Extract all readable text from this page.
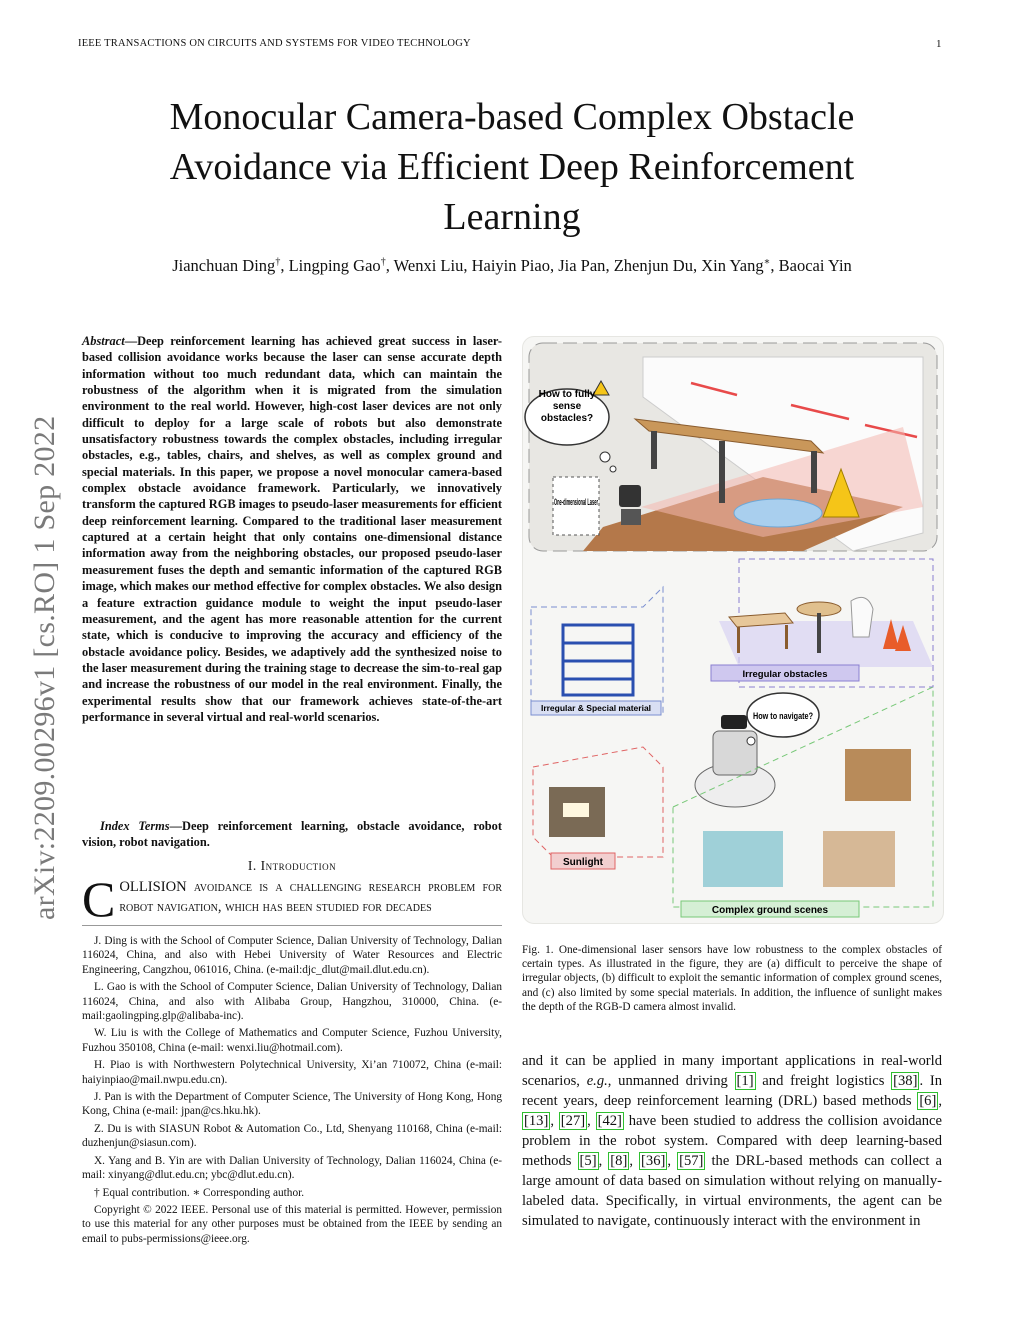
IEEE TRANSACTIONS ON CIRCUITS AND SYSTEMS FOR VIDEO TECHNOLOGY	1
Monocular Camera-based Complex Obstacle
Avoidance via Efficient Deep Reinforcement
Learning
Jianchuan Ding†, Lingping Gao†, Wenxi Liu, Haiyin Piao, Jia Pan, Zhenjun Du, Xin Yang∗, Baocai Yin
arXiv:2209.00296v1 [cs.RO] 1 Sep 2022
Abstract—Deep reinforcement learning has achieved great success in laser-based collision avoidance works because the laser can sense accurate depth information without too much redundant data, which can maintain the robustness of the algorithm when it is migrated from the simulation environment to the real world. However, high-cost laser devices are not only difficult to deploy for a large scale of robots but also demonstrate unsatisfactory robustness towards the complex obstacles, including irregular obstacles, e.g., tables, chairs, and shelves, as well as complex ground and special materials. In this paper, we propose a novel monocular camera-based complex obstacle avoidance framework. Particularly, we innovatively transform the captured RGB images to pseudo-laser measurements for efficient deep reinforcement learning. Compared to the traditional laser measurement captured at a certain height that only contains one-dimensional distance information away from the neighboring obstacles, our proposed pseudo-laser measurement fuses the depth and semantic information of the captured RGB image, which makes our method effective for complex obstacles. We also design a feature extraction guidance module to weight the input pseudo-laser measurement, and the agent has more reasonable attention for the current state, which is conducive to improving the accuracy and efficiency of the obstacle avoidance policy. Besides, we adaptively add the synthesized noise to the laser measurement during the training stage to decrease the sim-to-real gap and increase the robustness of our model in the real environment. Finally, the experimental results show that our framework achieves state-of-the-art performance in several virtual and real-world scenarios.
Index Terms—Deep reinforcement learning, obstacle avoidance, robot vision, robot navigation.
I. Introduction
COLLISION avoidance is a challenging research problem for robot navigation, which has been studied for decades

J. Ding is with the School of Computer Science, Dalian University of Technology, Dalian 116024, China, and also with Hebei University of Water Resources and Electric Engineering, Cangzhou, 061016, China. (e-mail:djc_dlut@mail.dlut.edu.cn).

L. Gao is with the School of Computer Science, Dalian University of Technology, Dalian 116024, China, and also with Alibaba Group, Hangzhou, 310000, China. (e-mail:gaolingping.glp@alibaba-inc).

W. Liu is with the College of Mathematics and Computer Science, Fuzhou University, Fuzhou 350108, China (e-mail: wenxi.liu@hotmail.com).

H. Piao is with Northwestern Polytechnical University, Xi’an 710072, China (e-mail: haiyinpiao@mail.nwpu.edu.cn).

J. Pan is with the Department of Computer Science, The University of Hong Kong, Hong Kong, China (e-mail: jpan@cs.hku.hk).

Z. Du is with SIASUN Robot & Automation Co., Ltd, Shenyang 110168, China (e-mail: duzhenjun@siasun.com).

X. Yang and B. Yin are with Dalian University of Technology, Dalian 116024, China (e-mail: xinyang@dlut.edu.cn; ybc@dlut.edu.cn).

† Equal contribution. ∗ Corresponding author.

Copyright © 2022 IEEE. Personal use of this material is permitted. However, permission to use this material for any other purposes must be obtained from the IEEE by sending an email to pubs-permissions@ieee.org.

How to fully sense obstacles?
One-dimensional Laser
Irregular obstacles
Irregular & Special material
How to navigate?
Sunlight
Complex ground scenes
Fig. 1. One-dimensional laser sensors have low robustness to the complex obstacles of certain types. As illustrated in the figure, they are (a) difficult to perceive the shape of irregular objects, (b) difficult to exploit the semantic information of complex ground scenes, and (c) also limited by some special materials. In addition, the influence of sunlight makes the depth of the RGB-D camera almost invalid.
and it can be applied in many important applications in real-world scenarios, e.g., unmanned driving [1] and freight logistics [38] . In recent years, deep reinforcement learning (DRL) based methods [6] , [13] , [27] , [42] have been studied to address the collision avoidance problem in the robot system. Compared with deep learning-based methods [5] , [8] , [36] , [57] the DRL-based methods can collect a large amount of data based on simulation without relying on manually-labeled data. Specifically, in virtual environments, the agent can be simulated to navigate, continuously interact with the environment in
